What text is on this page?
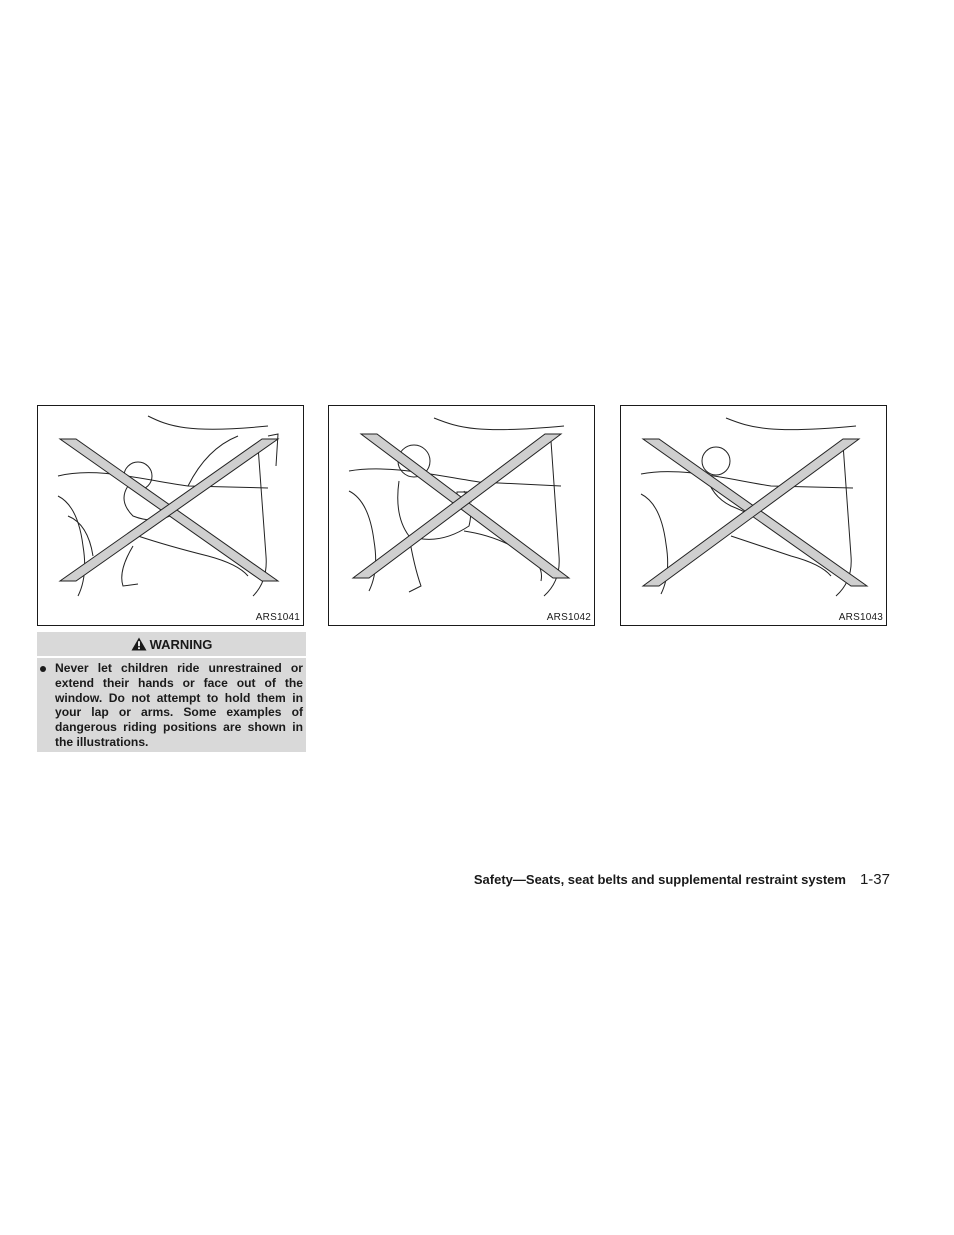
ARS1041	ARS1042	ARS1043
WARNING
Never let children ride unrestrained or extend their hands or face out of the window. Do not attempt to hold them in your lap or arms. Some examples of dangerous riding positions are shown in the illustrations.
Safety—Seats, seat belts and supplemental restraint system 1-37
